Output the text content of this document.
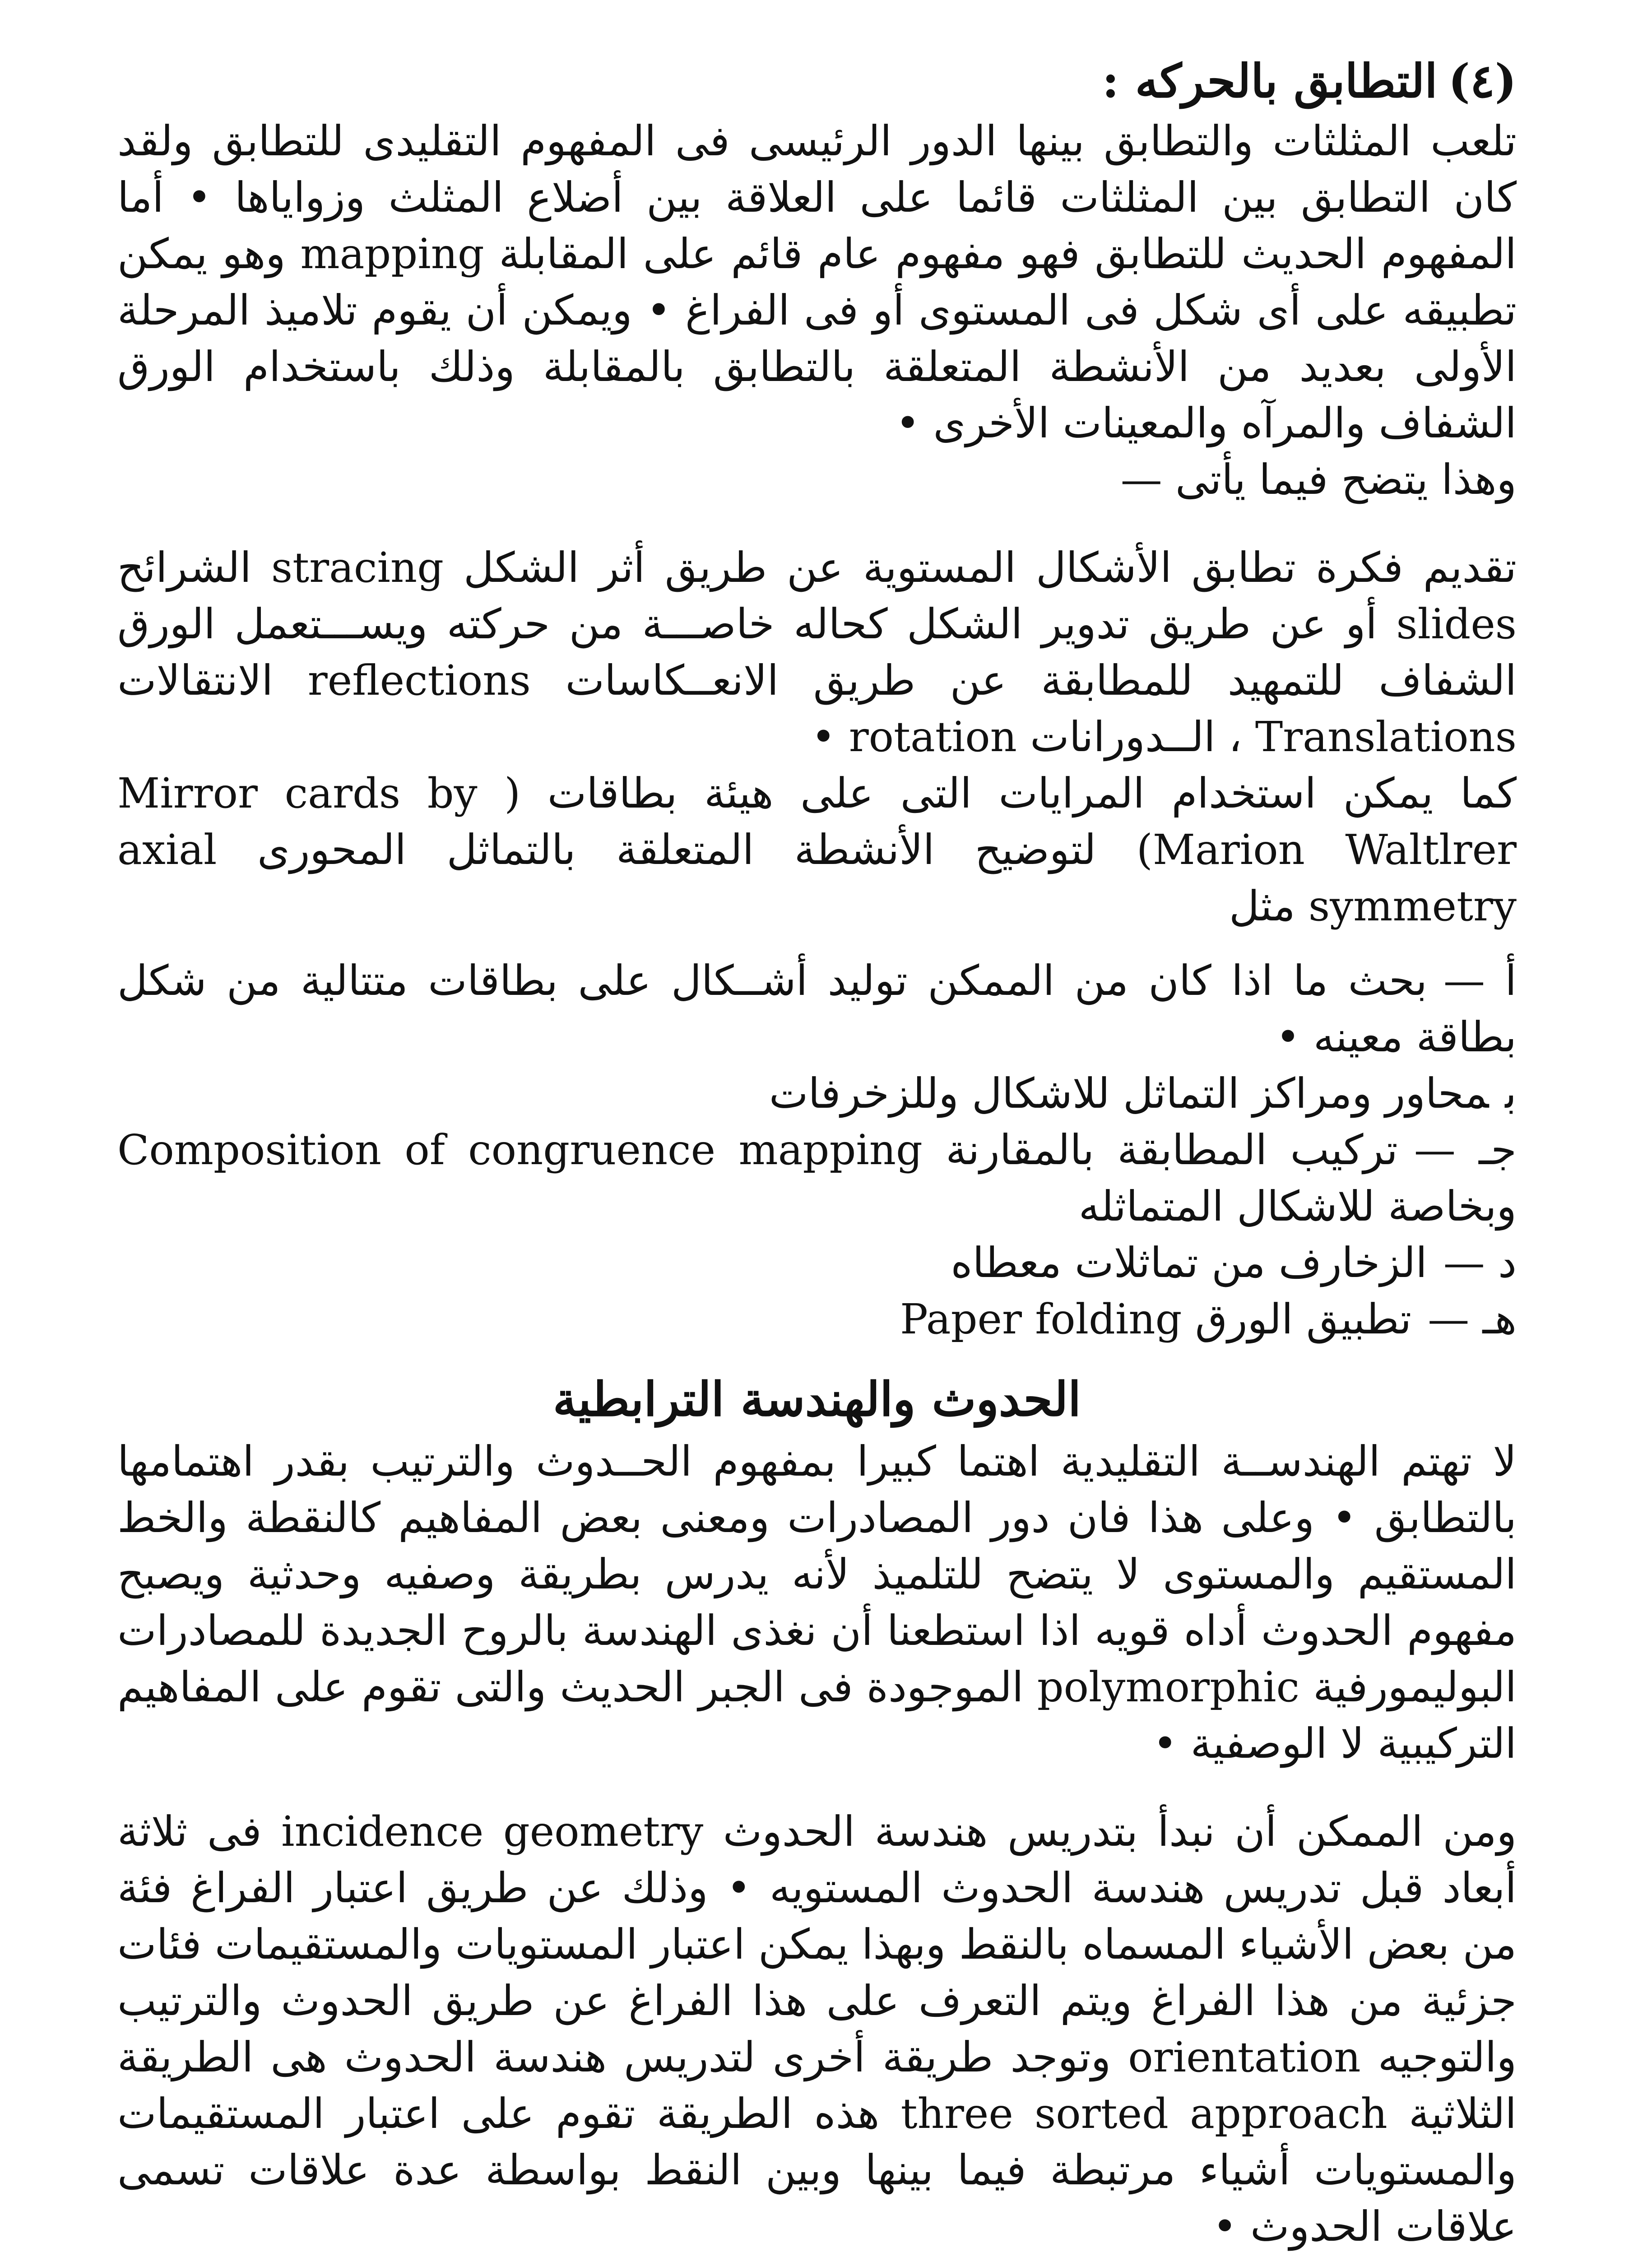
(٤)التطابق بالحركه :

تلعب المثلثات والتطابق بينها الدور الرئيسى فى المفهوم التقليدى للتطابق ولقد كان التطابق بين المثلثات قائما على العلاقة بين أضلاع المثلث وزواياها • أما المفهوم الحديث للتطابق فهو مفهوم عام قائم على المقابلة mapping وهو يمكن تطبيقه على أى شكل فى المستوى أو فى الفراغ • ويمكن أن يقوم تلاميذ المرحلة الأولى بعديد من الأنشطة المتعلقة بالتطابق بالمقابلة وذلك باستخدام الورق الشفاف والمرآه والمعينات الأخرى •

وهذا يتضح فيما يأتى —

تقديم فكرة تطابق الأشكال المستوية عن طريق أثر الشكل stracing الشرائح slides أو عن طريق تدوير الشكل كحاله خاصـــة من حركته ويســـتعمل الورق الشفاف للتمهيد للمطابقة عن طريق الانعــكاسات reflections الانتقالات Translations ، الــدورانات rotation •

كما يمكن استخدام المرايات التى على هيئة بطاقات ( Mirror cards by Marion Waltlrer) لتوضيح الأنشطة المتعلقة بالتماثل المحورى axial symmetry مثل

أ —بحث ما اذا كان من الممكن توليد أشــكال على بطاقات متتالية من شكل بطاقة معينه •
بمحاور ومراكز التماثل للاشكال وللزخرفات
جـ —تركيب المطابقة بالمقارنة Composition of congruence mapping وبخاصة للاشكال المتماثله
د —الزخارف من تماثلات معطاه
هـ —تطبيق الورق Paper folding
الحدوث والهندسة الترابطية

لا تهتم الهندســة التقليدية اهتما كبيرا بمفهوم الحــدوث والترتيب بقدر اهتمامها بالتطابق • وعلى هذا فان دور المصادرات ومعنى بعض المفاهيم كالنقطة والخط المستقيم والمستوى لا يتضح للتلميذ لأنه يدرس بطريقة وصفيه وحدثية ويصبح مفهوم الحدوث أداه قويه اذا استطعنا أن نغذى الهندسة بالروح الجديدة للمصادرات البوليمورفية polymorphic الموجودة فى الجبر الحديث والتى تقوم على المفاهيم التركيبية لا الوصفية •

ومن الممكن أن نبدأ بتدريس هندسة الحدوث incidence geometry فى ثلاثة أبعاد قبل تدريس هندسة الحدوث المستويه • وذلك عن طريق اعتبار الفراغ فئة من بعض الأشياء المسماه بالنقط وبهذا يمكن اعتبار المستويات والمستقيمات فئات جزئية من هذا الفراغ ويتم التعرف على هذا الفراغ عن طريق الحدوث والترتيب والتوجيه orientation وتوجد طريقة أخرى لتدريس هندسة الحدوث هى الطريقة الثلاثية three sorted approach هذه الطريقة تقوم على اعتبار المستقيمات والمستويات أشياء مرتبطة فيما بينها وبين النقط بواسطة عدة علاقات تسمى علاقات الحدوث •
